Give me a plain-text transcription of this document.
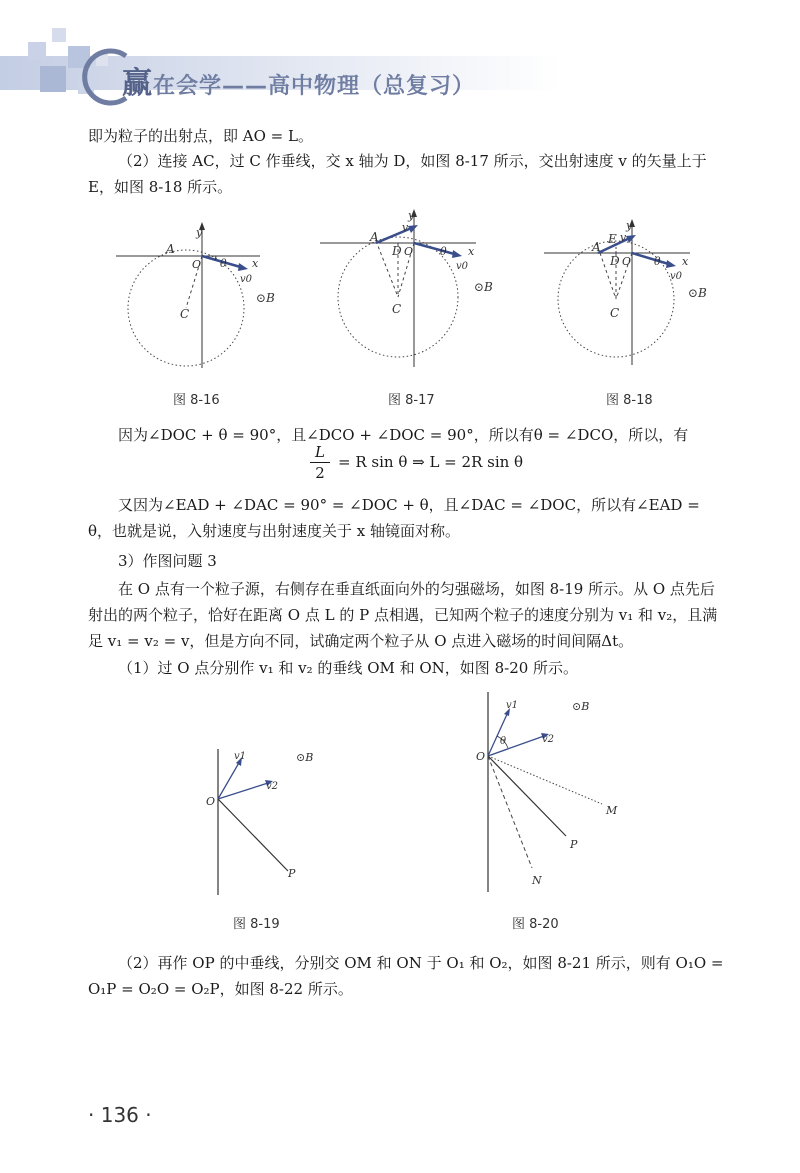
赢在会学——高中物理（总复习）

即为粒子的出射点，即 AO = L。

（2）连接 AC，过 C 作垂线，交 x 轴为 D，如图 8-17 所示，交出射速度 v 的矢量上于 E，如图 8-18 所示。

y
A
O θ x
v0
C
⊙B
图 8-16
y
v
A
D O θ x
v0
C
⊙B
图 8-17
y
v
E
A
D O θ x
v0
C
⊙B
图 8-18

因为∠DOC + θ = 90°，且∠DCO + ∠DOC = 90°，所以有θ = ∠DCO，所以，有

L
2
= R sin θ ⇒ L = 2R sin θ

又因为∠EAD + ∠DAC = 90° = ∠DOC + θ，且∠DAC = ∠DOC，所以有∠EAD = θ，也就是说，入射速度与出射速度关于 x 轴镜面对称。

3）作图问题 3

在 O 点有一个粒子源，右侧存在垂直纸面向外的匀强磁场，如图 8-19 所示。从 O 点先后射出的两个粒子，恰好在距离 O 点 L 的 P 点相遇，已知两个粒子的速度分别为 v₁ 和 v₂，且满足 v₁ = v₂ = v，但是方向不同，试确定两个粒子从 O 点进入磁场的时间间隔Δt。

（1）过 O 点分别作 v₁ 和 v₂ 的垂线 OM 和 ON，如图 8-20 所示。

v1
v2
O
P
⊙B
图 8-19
v1
v2
O
θ
M
P
N
⊙B
图 8-20

（2）再作 OP 的中垂线，分别交 OM 和 ON 于 O₁ 和 O₂，如图 8-21 所示，则有 O₁O = O₁P = O₂O = O₂P，如图 8-22 所示。

· 136 ·
